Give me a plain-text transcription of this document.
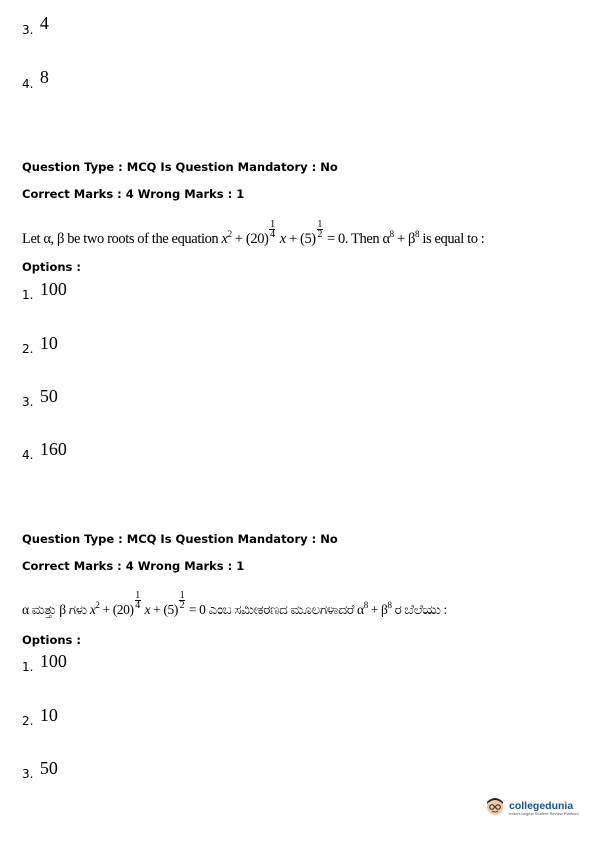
3. 4
4. 8
Question Type : MCQ Is Question Mandatory : No
Correct Marks : 4 Wrong Marks : 1
Let α, β be two roots of the equation $x^2 + (20) \frac{1}{4}$ $x + (5) \frac{1}{2} = 0$. Then $\alpha^8 + \beta^8$ is equal to :
Options :
1. 100
2. 10
3. 50
4. 160
Question Type : MCQ Is Question Mandatory : No
Correct Marks : 4 Wrong Marks : 1
α ಮತ್ತು β ಗಳು $x^2 + (20) \frac{1}{4}$ $x + (5) \frac{1}{2} = 0$ ಎಂಬ ಸಮೀಕರಣದ ಮೂಲಗಳಾದರೆ $\alpha^8 + \beta^8$ ರ ಬೆಲೆಯು :
Options :
1. 100
2. 10
3. 50
collegedunia
India's largest Student Review Platform
